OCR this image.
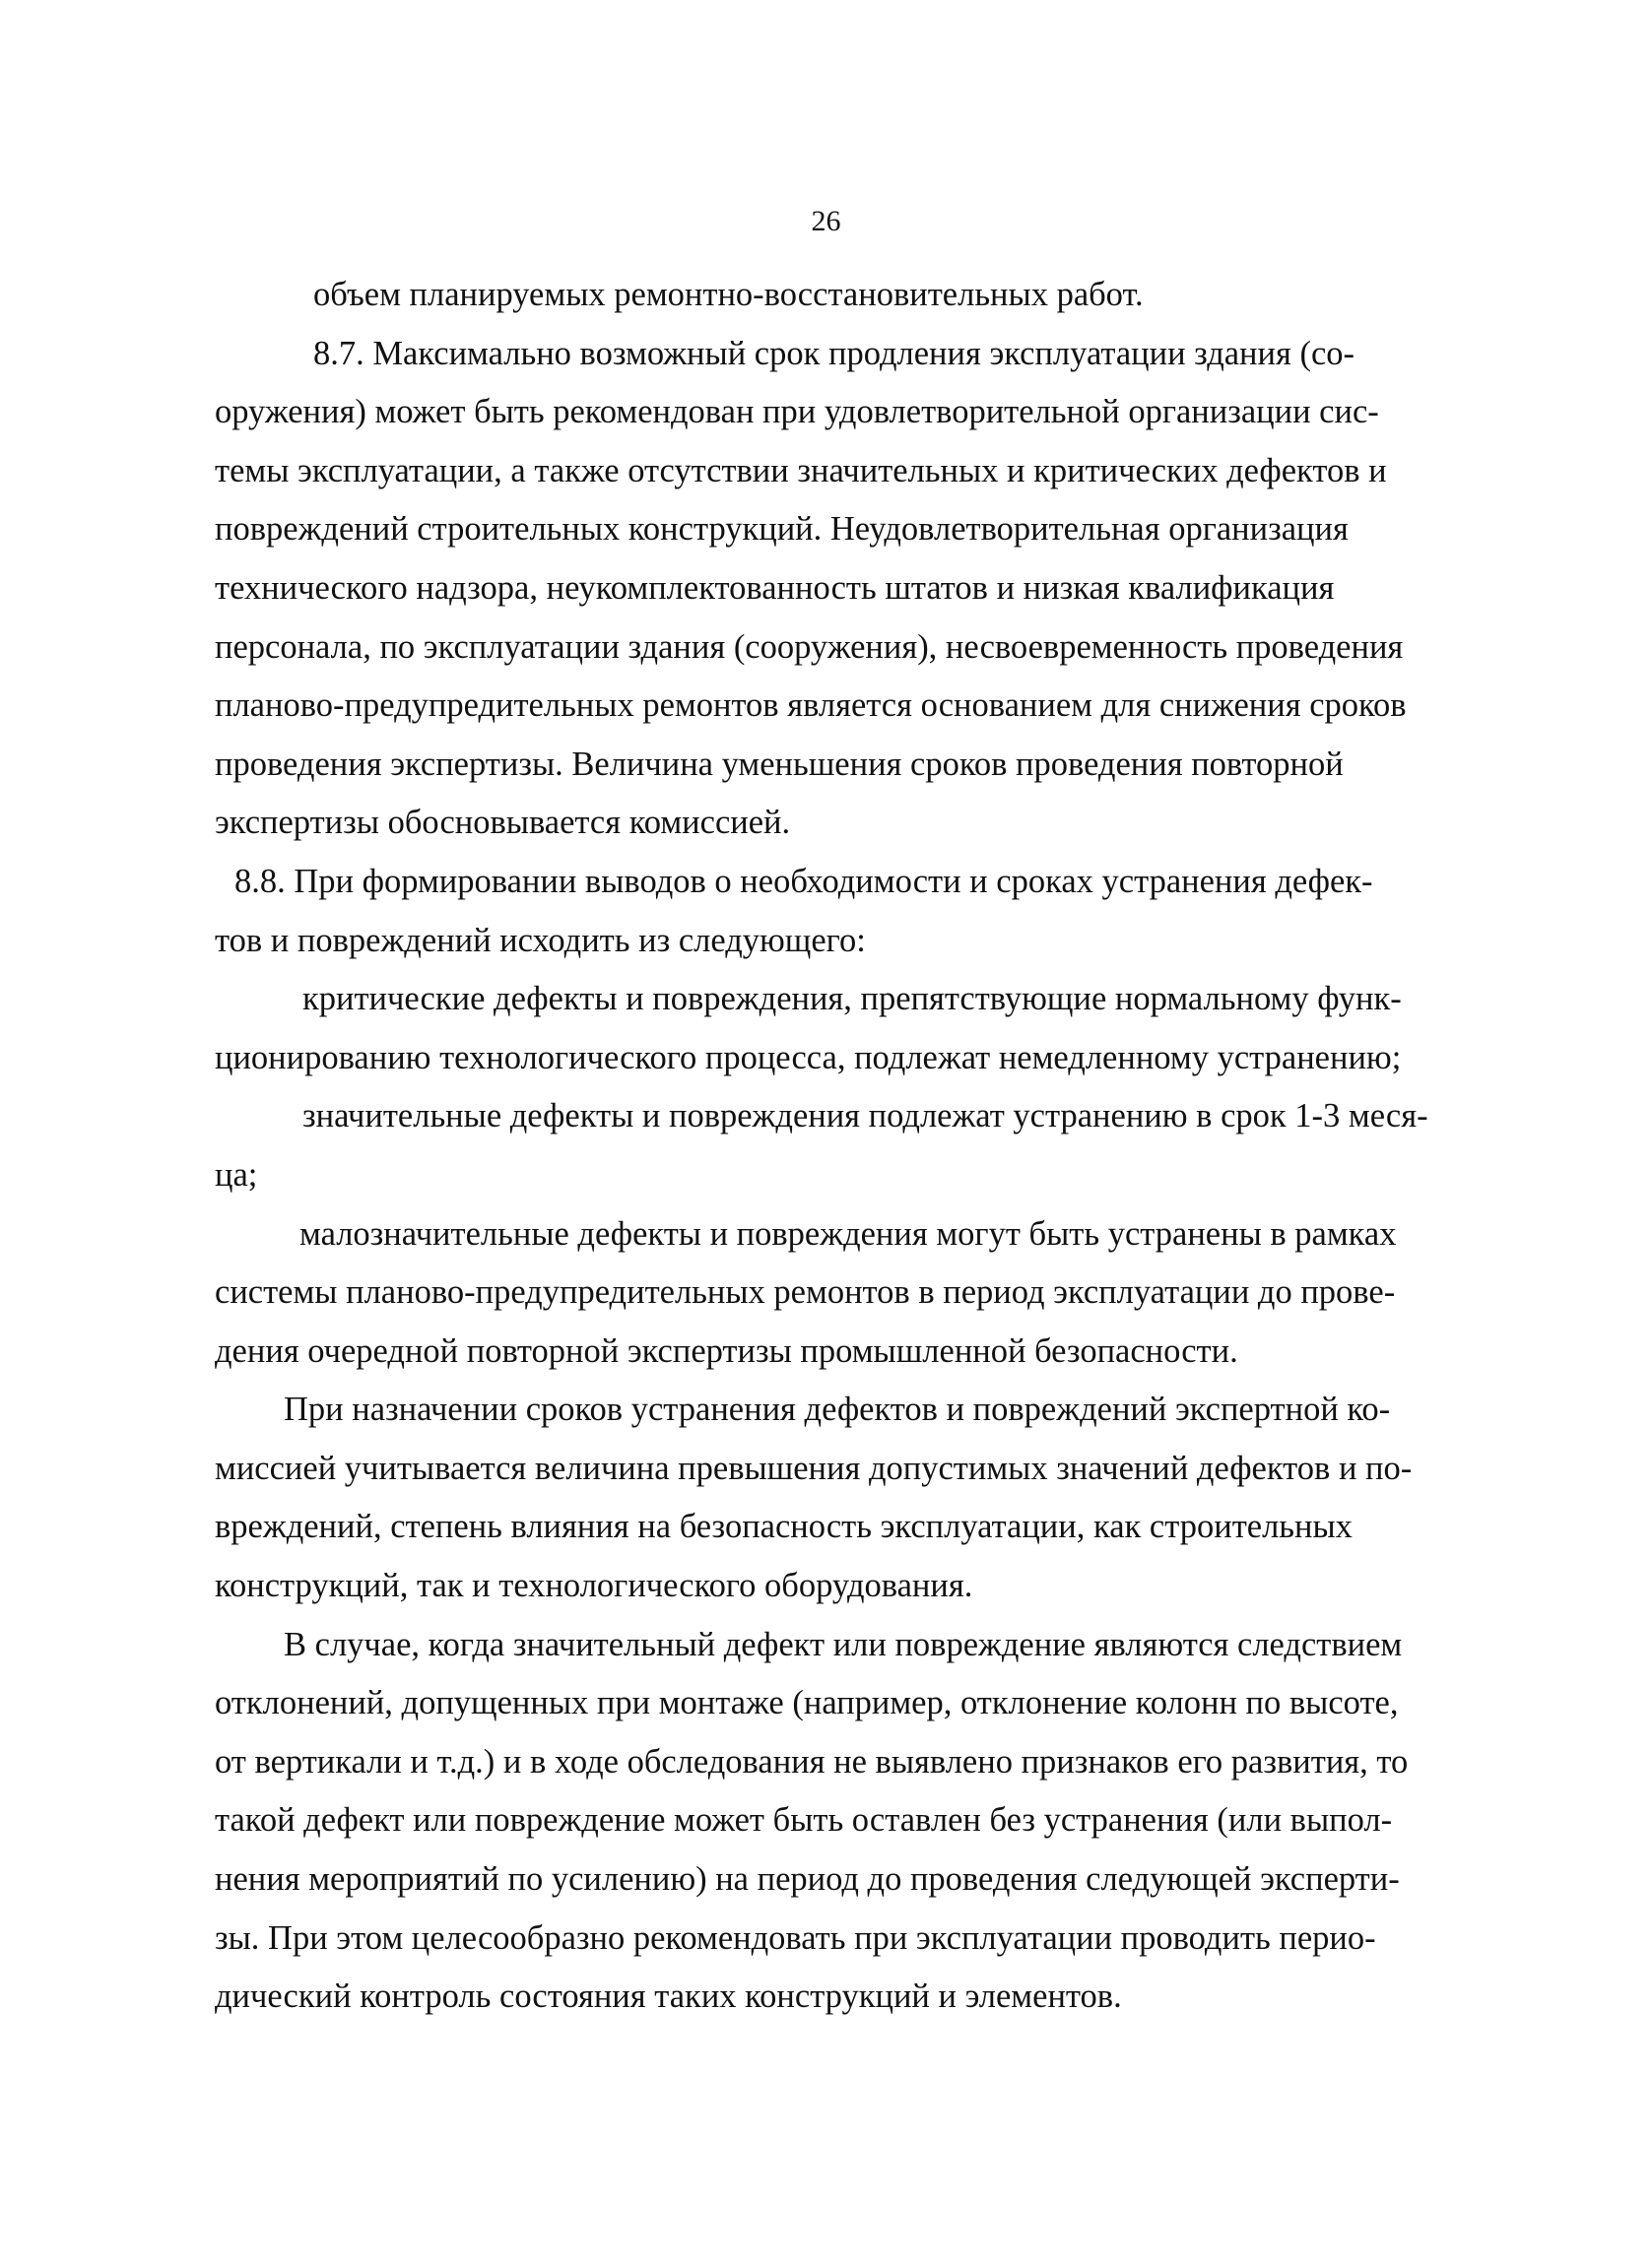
26
объем планируемых ремонтно-восстановительных работ.
8.7. Максимально возможный срок продления эксплуатации здания (со-
оружения) может быть рекомендован при удовлетворительной организации сис-
темы эксплуатации, а также отсутствии значительных и критических дефектов и
повреждений строительных конструкций. Неудовлетворительная организация
технического надзора, неукомплектованность штатов и низкая квалификация
персонала, по эксплуатации здания (сооружения), несвоевременность проведения
планово-предупредительных ремонтов является основанием для снижения сроков
проведения экспертизы. Величина уменьшения сроков проведения повторной
экспертизы обосновывается комиссией.
8.8. При формировании выводов о необходимости и сроках устранения дефек-
тов и повреждений исходить из следующего:
критические дефекты и повреждения, препятствующие нормальному функ-
ционированию технологического процесса, подлежат немедленному устранению;
значительные дефекты и повреждения подлежат устранению в срок 1-3 меся-
ца;
малозначительные дефекты и повреждения могут быть устранены в рамках
системы планово-предупредительных ремонтов в период эксплуатации до прове-
дения очередной повторной экспертизы промышленной безопасности.
При назначении сроков устранения дефектов и повреждений экспертной ко-
миссией учитывается величина превышения допустимых значений дефектов и по-
вреждений, степень влияния на безопасность эксплуатации, как строительных
конструкций, так и технологического оборудования.
В случае, когда значительный дефект или повреждение являются следствием
отклонений, допущенных при монтаже (например, отклонение колонн по высоте,
от вертикали и т.д.) и в ходе обследования не выявлено признаков его развития, то
такой дефект или повреждение может быть оставлен без устранения (или выпол-
нения мероприятий по усилению) на период до проведения следующей эксперти-
зы. При этом целесообразно рекомендовать при эксплуатации проводить перио-
дический контроль состояния таких конструкций и элементов.
